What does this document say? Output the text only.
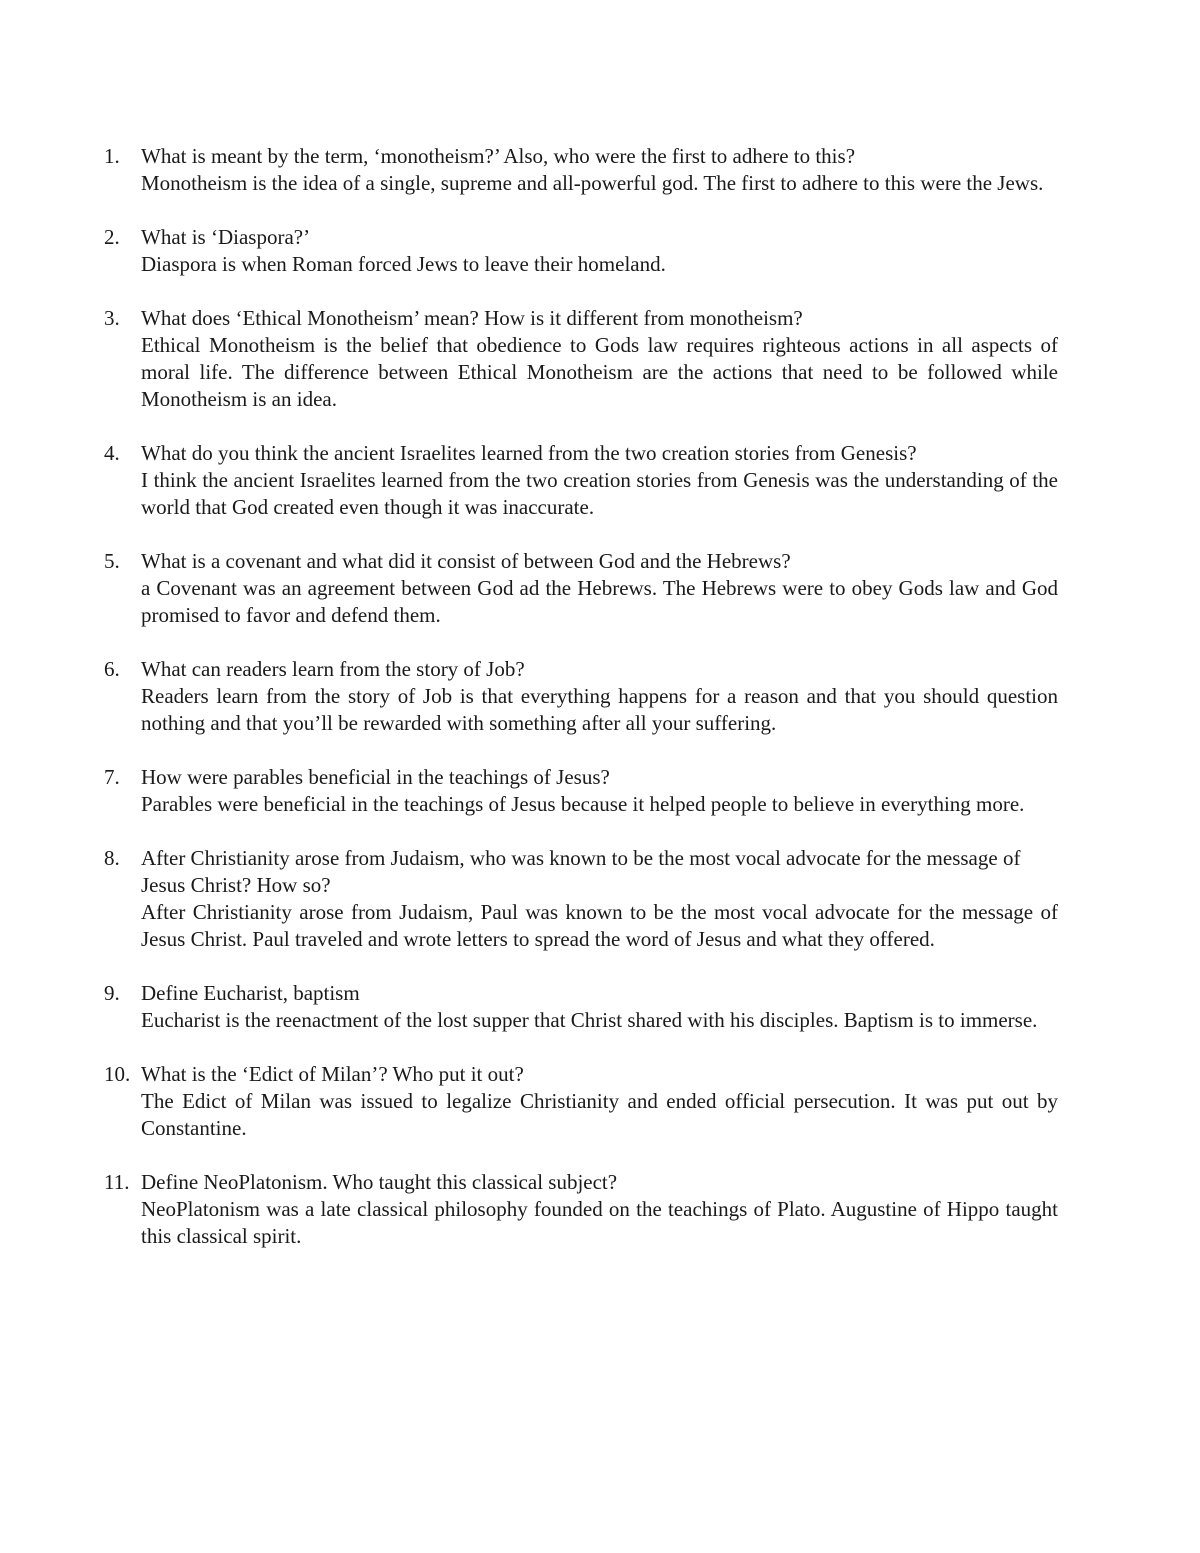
1. What is meant by the term, ‘monotheism?’ Also, who were the first to adhere to this?
Monotheism is the idea of a single, supreme and all-powerful god. The first to adhere to this were the Jews.
2. What is ‘Diaspora?’
Diaspora is when Roman forced Jews to leave their homeland.
3. What does ‘Ethical Monotheism’ mean? How is it different from monotheism?
Ethical Monotheism is the belief that obedience to Gods law requires righteous actions in all aspects of moral life. The difference between Ethical Monotheism are the actions that need to be followed while Monotheism is an idea.
4. What do you think the ancient Israelites learned from the two creation stories from Genesis?
I think the ancient Israelites learned from the two creation stories from Genesis was the understanding of the world that God created even though it was inaccurate.
5. What is a covenant and what did it consist of between God and the Hebrews?
a Covenant was an agreement between God ad the Hebrews. The Hebrews were to obey Gods law and God promised to favor and defend them.
6. What can readers learn from the story of Job?
Readers learn from the story of Job is that everything happens for a reason and that you should question nothing and that you’ll be rewarded with something after all your suffering.
7. How were parables beneficial in the teachings of Jesus?
Parables were beneficial in the teachings of Jesus because it helped people to believe in everything more.
8. After Christianity arose from Judaism, who was known to be the most vocal advocate for the message of Jesus Christ? How so?
After Christianity arose from Judaism, Paul was known to be the most vocal advocate for the message of Jesus Christ. Paul traveled and wrote letters to spread the word of Jesus and what they offered.
9. Define Eucharist, baptism
Eucharist is the reenactment of the lost supper that Christ shared with his disciples. Baptism is to immerse.
10. What is the ‘Edict of Milan’? Who put it out?
The Edict of Milan was issued to legalize Christianity and ended official persecution. It was put out by Constantine.
11. Define NeoPlatonism. Who taught this classical subject?
NeoPlatonism was a late classical philosophy founded on the teachings of Plato. Augustine of Hippo taught this classical spirit.
